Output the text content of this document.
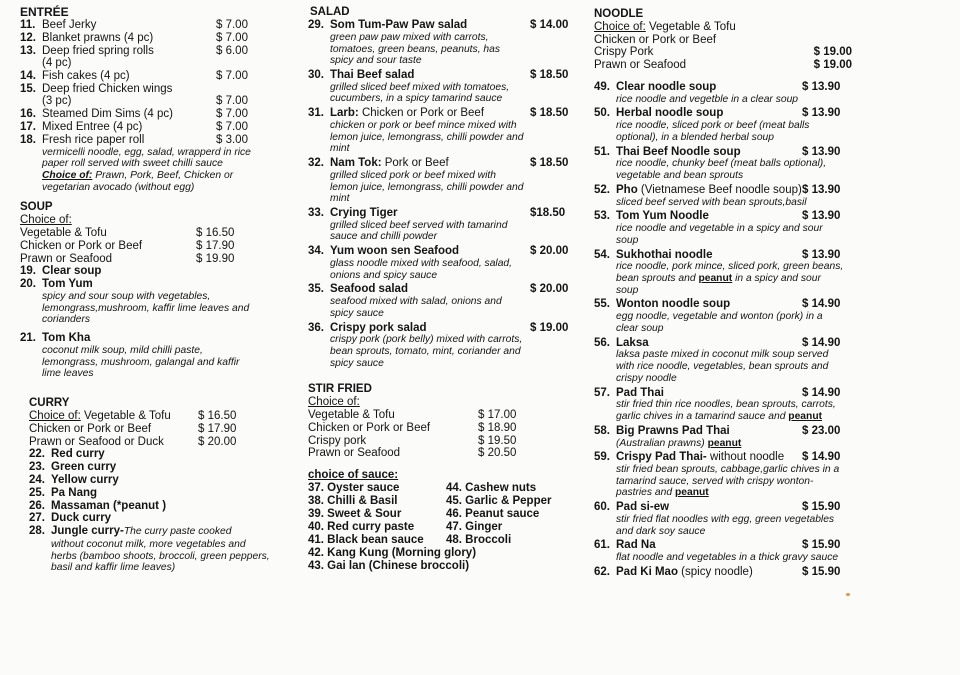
ENTRÉE
11. Beef Jerky	$ 7.00
12. Blanket prawns (4 pc)	$ 7.00
13. Deep fried spring rolls	$ 6.00
(4 pc)
14. Fish cakes (4 pc)	$ 7.00
15. Deep fried Chicken wings
(3 pc)	$ 7.00
16. Steamed Dim Sims (4 pc)	$ 7.00
17. Mixed Entree (4 pc)	$ 7.00
18. Fresh rice paper roll	$ 3.00
vermicelli noodle, egg, salad, wrapperd in rice paper roll served with sweet chilli sauce
Choice of: Prawn, Pork, Beef, Chicken or vegetarian avocado (without egg)
SOUP
Choice of:
Vegetable & Tofu	$ 16.50
Chicken or Pork or Beef	$ 17.90
Prawn or Seafood	$ 19.90
19. Clear soup
20. Tom Yum
spicy and sour soup with vegetables, lemongrass,mushroom, kaffir lime leaves and corianders
21. Tom Kha
coconut milk soup, mild chilli paste, lemongrass, mushroom, galangal and kaffir lime leaves
CURRY
Choice of: Vegetable & Tofu	$ 16.50
Chicken or Pork or Beef	$ 17.90
Prawn or Seafood or Duck	$ 20.00
22. Red curry
23. Green curry
24. Yellow curry
25. Pa Nang
26. Massaman (*peanut )
27. Duck curry
28. Jungle curry-The curry paste cooked
without coconut milk, more vegetables and herbs (bamboo shoots, broccoli, green peppers, basil and kaffir lime leaves)
SALAD
29. Som Tum-Paw Paw salad	$ 14.00
green paw paw mixed with carrots, tomatoes, green beans, peanuts, has spicy and sour taste
30. Thai Beef salad	$ 18.50
grilled sliced beef mixed with tomatoes, cucumbers, in a spicy tamarind sauce
31. Larb: Chicken or Pork or Beef	$ 18.50
chicken or pork or beef mince mixed with lemon juice, lemongrass, chilli powder and mint
32. Nam Tok: Pork or Beef	$ 18.50
grilled sliced pork or beef mixed with lemon juice, lemongrass, chilli powder and mint
33. Crying Tiger	$18.50
grilled sliced beef served with tamarind sauce and chilli powder
34. Yum woon sen Seafood	$ 20.00
glass noodle mixed with seafood, salad, onions and spicy sauce
35. Seafood salad	$ 20.00
seafood mixed with salad, onions and spicy sauce
36. Crispy pork salad	$ 19.00
crispy pork (pork belly) mixed with carrots, bean sprouts, tomato, mint, coriander and spicy sauce
STIR FRIED
Choice of:
Vegetable & Tofu	$ 17.00
Chicken or Pork or Beef	$ 18.90
Crispy pork	$ 19.50
Prawn or Seafood	$ 20.50
choice of sauce:
37. Oyster sauce
38. Chilli & Basil
39. Sweet & Sour
40. Red curry paste
41. Black bean sauce
44. Cashew nuts
45. Garlic & Pepper
46. Peanut sauce
47. Ginger
48. Broccoli
42. Kang Kung (Morning glory)
43. Gai lan (Chinese broccoli)
NOODLE
Choice of: Vegetable & Tofu
Chicken or Pork or Beef
Crispy Pork	$ 19.00
Prawn or Seafood	$ 19.00
49. Clear noodle soup	$ 13.90
rice noodle and vegetble in a clear soup
50. Herbal noodle soup	$ 13.90
rice noodle, sliced pork or beef (meat balls optional), in a blended herbal soup
51. Thai Beef Noodle soup	$ 13.90
rice noodle, chunky beef (meat balls optional), vegetable and bean sprouts
52. Pho (Vietnamese Beef noodle soup) $ 13.90
sliced beef served with bean sprouts,basil
53. Tom Yum Noodle	$ 13.90
rice noodle and vegetable in a spicy and sour soup
54. Sukhothai noodle	$ 13.90
rice noodle, pork mince, sliced pork, green beans, bean sprouts and peanut in a spicy and sour soup
55. Wonton noodle soup	$ 14.90
egg noodle, vegetable and wonton (pork) in a clear soup
56. Laksa	$ 14.90
laksa paste mixed in coconut milk soup served with rice noodle, vegetables, bean sprouts and crispy noodle
57. Pad Thai	$ 14.90
stir fried thin rice noodles, bean sprouts, carrots, garlic chives in a tamarind sauce and peanut
58. Big Prawns Pad Thai	$ 23.00
(Australian prawns) peanut
59. Crispy Pad Thai- without noodle	$ 14.90
stir fried bean sprouts, cabbage,garlic chives in a tamarind sauce, served with crispy wonton-pastries and peanut
60. Pad si-ew	$ 15.90
stir fried flat noodles with egg, green vegetables and dark soy sauce
61. Rad Na	$ 15.90
flat noodle and vegetables in a thick gravy sauce
62. Pad Ki Mao (spicy noodle)	$ 15.90
